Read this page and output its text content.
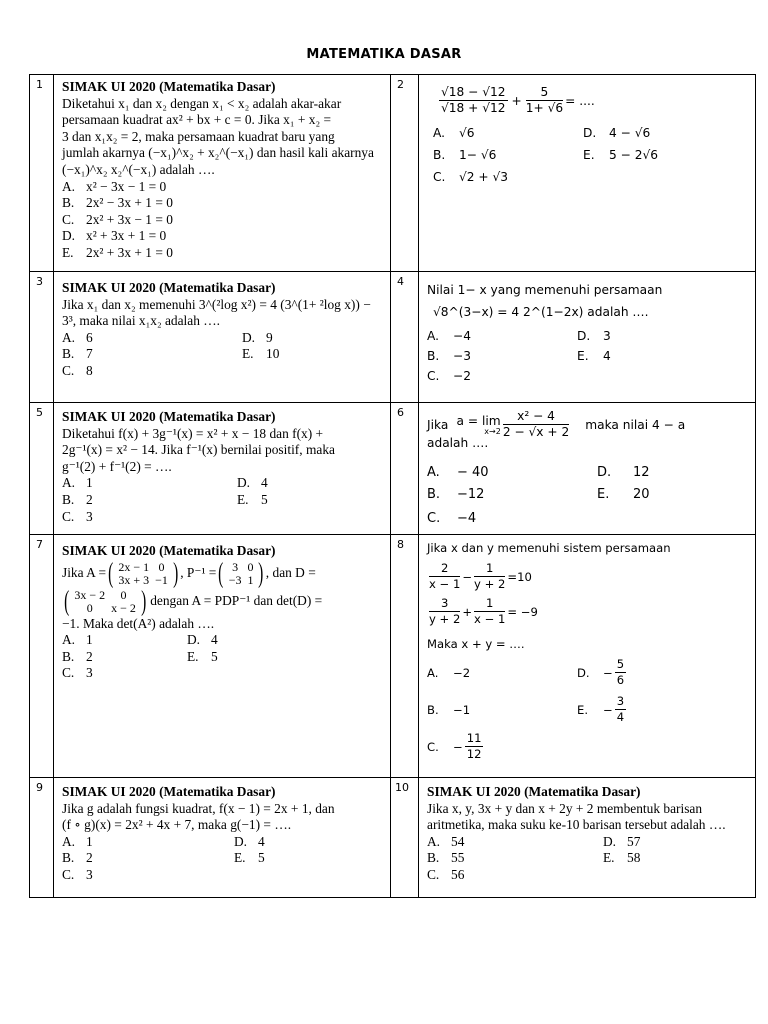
MATEMATIKA DASAR
1	SIMAK UI 2020 (Matematika Dasar)
Diketahui x₁ dan x₂ dengan x₁ < x₂ adalah akar-akar
persamaan kuadrat ax² + bx + c = 0. Jika x₁ + x₂ =
3 dan x₁x₂ = 2, maka persamaan kuadrat baru yang
jumlah akarnya (−x₁)^x₂ + x₂^(−x₁) dan hasil kali akarnya
(−x₁)^x₂ x₂^(−x₁) adalah ….
A. x² − 3x − 1 = 0
B. 2x² − 3x + 1 = 0
C. 2x² + 3x − 1 = 0
D. x² + 3x + 1 = 0
E. 2x² + 3x + 1 = 0
	2	
$\frac{√18 - √12}{√18 + √12} + \frac{5}{1+ √6}$ = ....
A.	√6	D.	4 − √6
B.	1− √6	E.	5 − 2√6
C.	√2 + √3

3	SIMAK UI 2020 (Matematika Dasar)
Jika x₁ dan x₂ memenuhi 3^(²log x²) = 4 (3^(1+ ²log x)) −
3³, maka nilai x₁x₂ adalah ….
A. 6	D. 9
B. 7	E. 10
C. 8
	4	
Nilai 1− x yang memenuhi persamaan
√8^(3−x) = 4 2^(1−2x) adalah ….
A.	−4	D.	3
B.	−3	E.	4
C.	−2

5	SIMAK UI 2020 (Matematika Dasar)
Diketahui f(x) + 3g⁻¹(x) = x² + x − 18 dan f(x) +
2g⁻¹(x) = x² − 14. Jika f⁻¹(x) bernilai positif, maka
g⁻¹(2) + f⁻¹(2) = ….
A. 1	D. 4
B. 2	E. 5
C. 3
	6	
Jika a = lim
$x\to 2 \frac{\text{x² − 4}}{2 - √x + 2}$ maka nilai 4 − a
adalah ….
A.	− 40	D.	12
B.	−12	E.	20
C.	−4

7	SIMAK UI 2020 (Matematika Dasar)
Jika A = ( 2x − 1	0
3x + 3	−1 ) , P⁻¹ = ( 3	0
−3	1 ) , dan D =
( 3x − 2	0
0	x − 2 ) dengan A = PDP⁻¹ dan det(D) =
−1. Maka det(A²) adalah ….
A. 1	D. 4
B. 2	E. 5
C. 3
	8	Jika x dan y memenuhi sistem persamaan
$\frac{2}{x - 1} - \frac{1}{y + 2} =10$
$\frac{3}{y + 2} + \frac{1}{x - 1} = -9$
Maka x + y = ….
A.	−2	D.	− $\frac{5}{6}$
B.	−1	E.	− $\frac{3}{4}$
C.	− $\frac{11}{12}$

9	SIMAK UI 2020 (Matematika Dasar)
Jika g adalah fungsi kuadrat, f(x − 1) = 2x + 1, dan
(f ∘ g)(x) = 2x² + 4x + 7, maka g(−1) = ….
A. 1	D. 4
B. 2	E. 5
C. 3
	10	SIMAK UI 2020 (Matematika Dasar)
Jika x, y, 3x + y dan x + 2y + 2 membentuk barisan
aritmetika, maka suku ke-10 barisan tersebut adalah ….
A. 54	D. 57
B. 55	E. 58
C. 56
